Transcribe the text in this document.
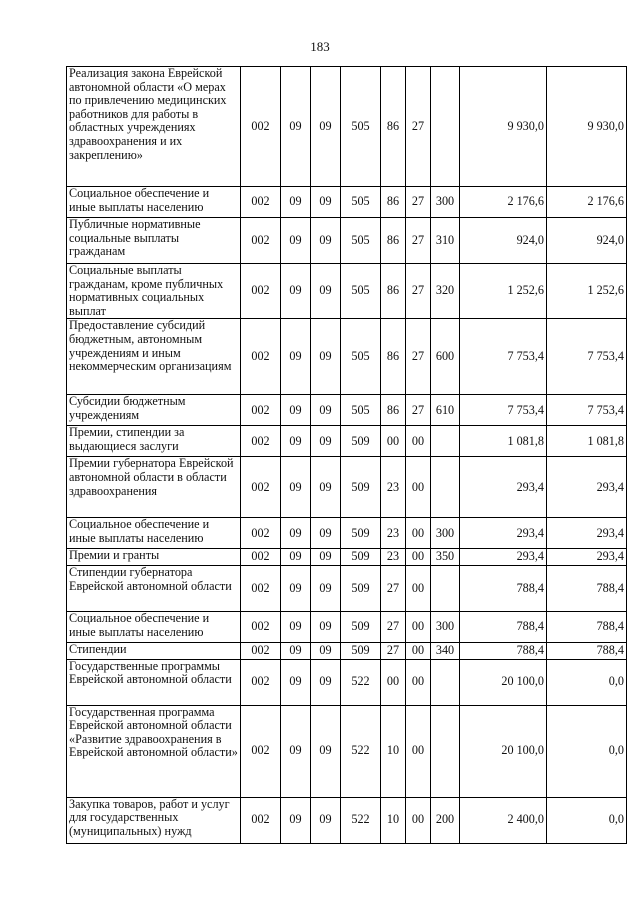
183
Реализация закона Еврейской автономной области «О мерах по привлечению медицинских работников для работы в областных учреждениях здравоохранения и их закреплению»	002	09	09	505	86	27		9 930,0	9 930,0
Социальное обеспечение и иные выплаты населению	002	09	09	505	86	27	300	2 176,6	2 176,6
Публичные нормативные социальные выплаты гражданам	002	09	09	505	86	27	310	924,0	924,0
Социальные выплаты гражданам, кроме публичных нормативных социальных выплат	002	09	09	505	86	27	320	1 252,6	1 252,6
Предоставление субсидий бюджетным, автономным учреждениям и иным некоммерческим организациям	002	09	09	505	86	27	600	7 753,4	7 753,4
Субсидии бюджетным учреждениям	002	09	09	505	86	27	610	7 753,4	7 753,4
Премии, стипендии за выдающиеся заслуги	002	09	09	509	00	00		1 081,8	1 081,8
Премии губернатора Еврейской автономной области в области здравоохранения	002	09	09	509	23	00		293,4	293,4
Социальное обеспечение и иные выплаты населению	002	09	09	509	23	00	300	293,4	293,4
Премии и гранты	002	09	09	509	23	00	350	293,4	293,4
Стипендии губернатора Еврейской автономной области	002	09	09	509	27	00		788,4	788,4
Социальное обеспечение и иные выплаты населению	002	09	09	509	27	00	300	788,4	788,4
Стипендии	002	09	09	509	27	00	340	788,4	788,4
Государственные программы Еврейской автономной области	002	09	09	522	00	00		20 100,0	0,0
Государственная программа Еврейской автономной области «Развитие здравоохранения в Еврейской автономной области»	002	09	09	522	10	00		20 100,0	0,0
Закупка товаров, работ и услуг для государственных (муниципальных) нужд	002	09	09	522	10	00	200	2 400,0	0,0
